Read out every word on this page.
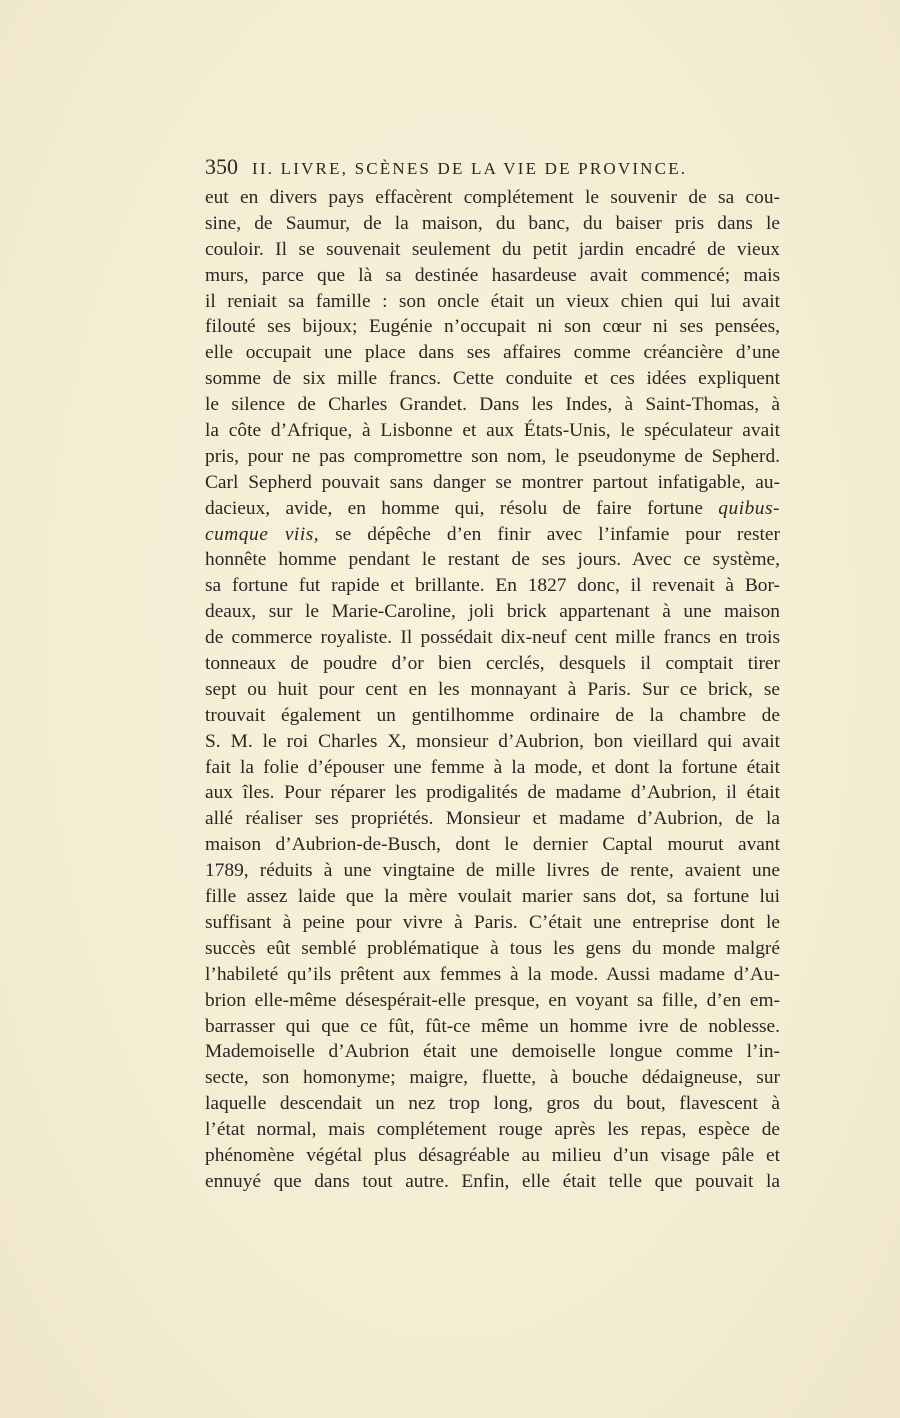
350 II. LIVRE, SCÈNES DE LA VIE DE PROVINCE.
eut en divers pays effacèrent complétement le souvenir de sa cou-
sine, de Saumur, de la maison, du banc, du baiser pris dans le
couloir. Il se souvenait seulement du petit jardin encadré de vieux
murs, parce que là sa destinée hasardeuse avait commencé; mais
il reniait sa famille : son oncle était un vieux chien qui lui avait
filouté ses bijoux; Eugénie n’occupait ni son cœur ni ses pensées,
elle occupait une place dans ses affaires comme créancière d’une
somme de six mille francs. Cette conduite et ces idées expliquent
le silence de Charles Grandet. Dans les Indes, à Saint-Thomas, à
la côte d’Afrique, à Lisbonne et aux États-Unis, le spéculateur avait
pris, pour ne pas compromettre son nom, le pseudonyme de Sepherd.
Carl Sepherd pouvait sans danger se montrer partout infatigable, au-
dacieux, avide, en homme qui, résolu de faire fortune quibus-
cumque viis, se dépêche d’en finir avec l’infamie pour rester
honnête homme pendant le restant de ses jours. Avec ce système,
sa fortune fut rapide et brillante. En 1827 donc, il revenait à Bor-
deaux, sur le Marie-Caroline, joli brick appartenant à une maison
de commerce royaliste. Il possédait dix-neuf cent mille francs en trois
tonneaux de poudre d’or bien cerclés, desquels il comptait tirer
sept ou huit pour cent en les monnayant à Paris. Sur ce brick, se
trouvait également un gentilhomme ordinaire de la chambre de
S. M. le roi Charles X, monsieur d’Aubrion, bon vieillard qui avait
fait la folie d’épouser une femme à la mode, et dont la fortune était
aux îles. Pour réparer les prodigalités de madame d’Aubrion, il était
allé réaliser ses propriétés. Monsieur et madame d’Aubrion, de la
maison d’Aubrion-de-Busch, dont le dernier Captal mourut avant
1789, réduits à une vingtaine de mille livres de rente, avaient une
fille assez laide que la mère voulait marier sans dot, sa fortune lui
suffisant à peine pour vivre à Paris. C’était une entreprise dont le
succès eût semblé problématique à tous les gens du monde malgré
l’habileté qu’ils prêtent aux femmes à la mode. Aussi madame d’Au-
brion elle-même désespérait-elle presque, en voyant sa fille, d’en em-
barrasser qui que ce fût, fût-ce même un homme ivre de noblesse.
Mademoiselle d’Aubrion était une demoiselle longue comme l’in-
secte, son homonyme; maigre, fluette, à bouche dédaigneuse, sur
laquelle descendait un nez trop long, gros du bout, flavescent à
l’état normal, mais complétement rouge après les repas, espèce de
phénomène végétal plus désagréable au milieu d’un visage pâle et
ennuyé que dans tout autre. Enfin, elle était telle que pouvait la
